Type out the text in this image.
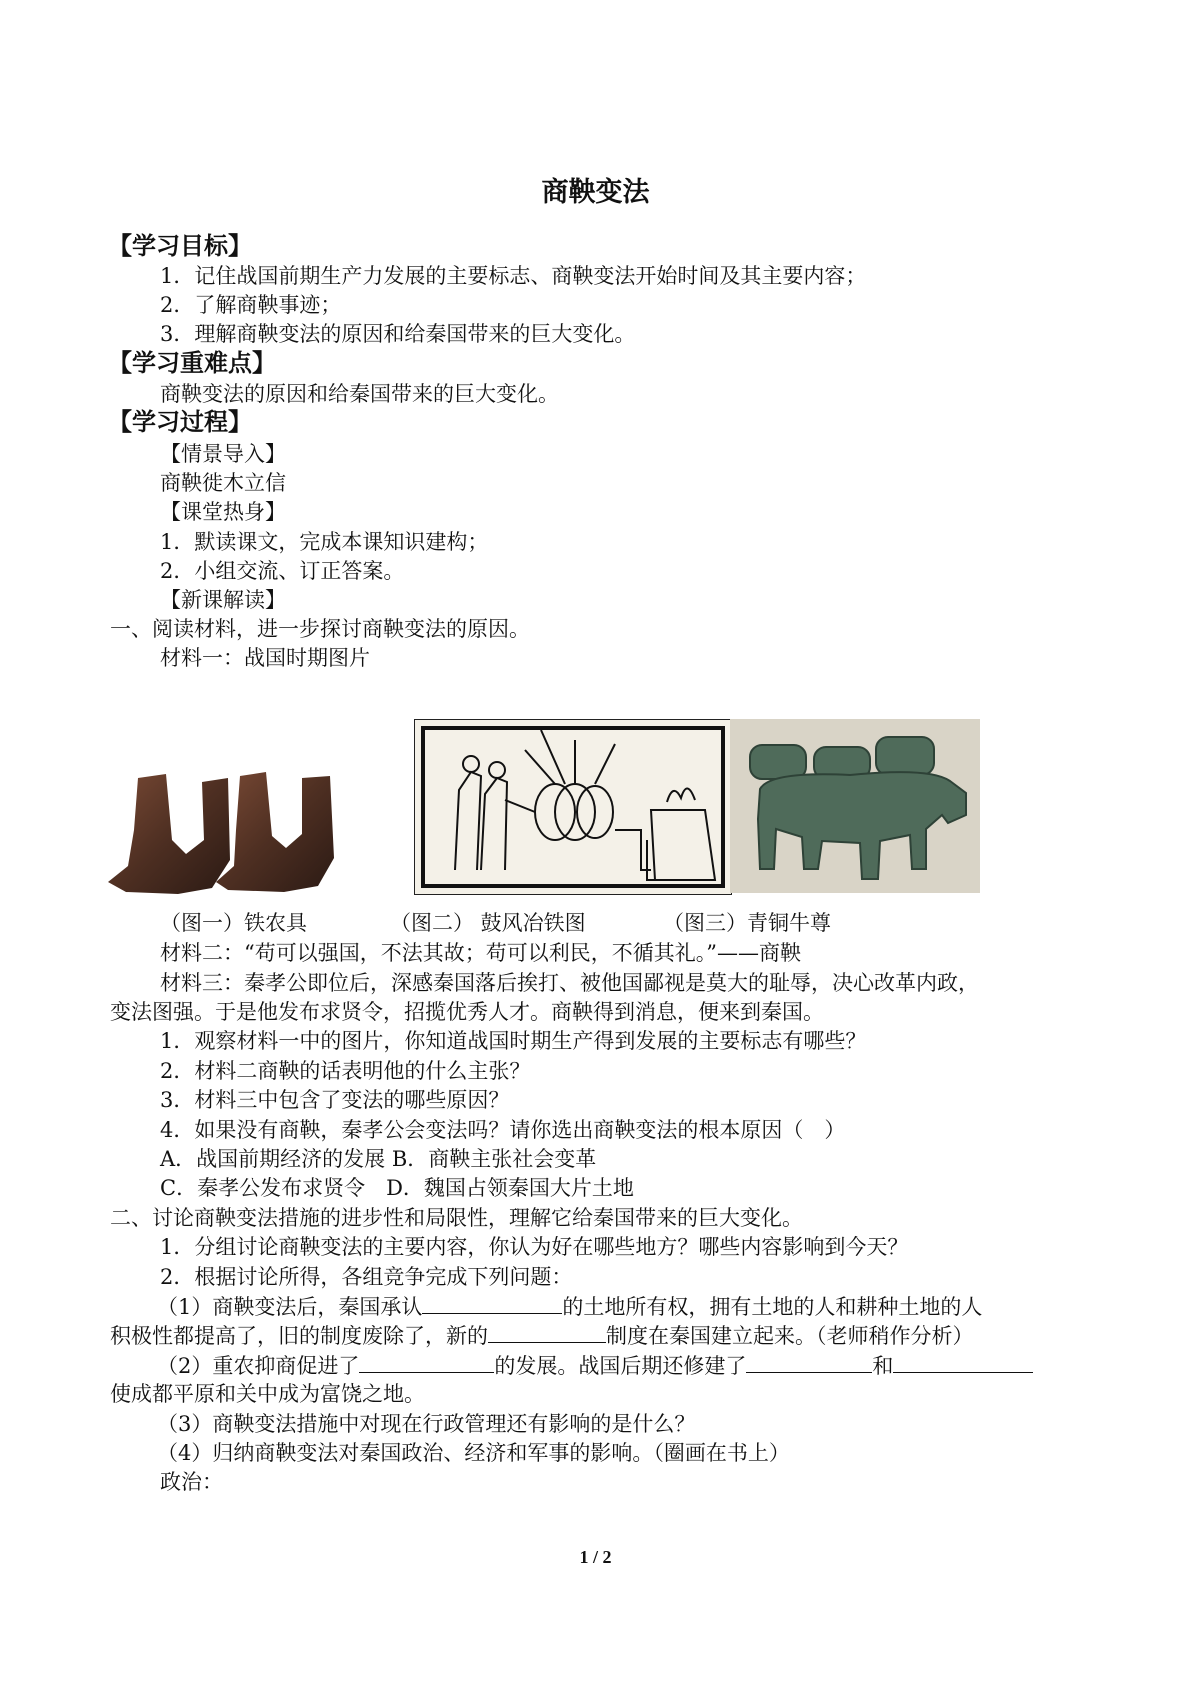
商鞅变法
【学习目标】
1．记住战国前期生产力发展的主要标志、商鞅变法开始时间及其主要内容；
2．了解商鞅事迹；
3．理解商鞅变法的原因和给秦国带来的巨大变化。
【学习重难点】
商鞅变法的原因和给秦国带来的巨大变化。
【学习过程】
【情景导入】
商鞅徙木立信
【课堂热身】
1．默读课文，完成本课知识建构；
2．小组交流、订正答案。
【新课解读】
一、阅读材料，进一步探讨商鞅变法的原因。
材料一：战国时期图片
（图一）铁农具	（图二） 鼓风冶铁图	（图三）青铜牛尊
材料二：“苟可以强国，不法其故；苟可以利民，不循其礼。”——商鞅
材料三：秦孝公即位后，深感秦国落后挨打、被他国鄙视是莫大的耻辱，决心改革内政，
变法图强。于是他发布求贤令，招揽优秀人才。商鞅得到消息，便来到秦国。
1．观察材料一中的图片，你知道战国时期生产得到发展的主要标志有哪些？
2．材料二商鞅的话表明他的什么主张？
3．材料三中包含了变法的哪些原因？
4．如果没有商鞅，秦孝公会变法吗？请你选出商鞅变法的根本原因（　）
A．战国前期经济的发展 B．商鞅主张社会变革
C．秦孝公发布求贤令　D．魏国占领秦国大片土地
二、讨论商鞅变法措施的进步性和局限性，理解它给秦国带来的巨大变化。
1．分组讨论商鞅变法的主要内容，你认为好在哪些地方？哪些内容影响到今天？
2．根据讨论所得，各组竞争完成下列问题：
（1）商鞅变法后，秦国承认	的土地所有权，拥有土地的人和耕种土地的人
积极性都提高了，旧的制度废除了，新的	制度在秦国建立起来。（老师稍作分析）
（2）重农抑商促进了	的发展。战国后期还修建了	和
使成都平原和关中成为富饶之地。
（3）商鞅变法措施中对现在行政管理还有影响的是什么？
（4）归纳商鞅变法对秦国政治、经济和军事的影响。（圈画在书上）
政治：
1 / 2
